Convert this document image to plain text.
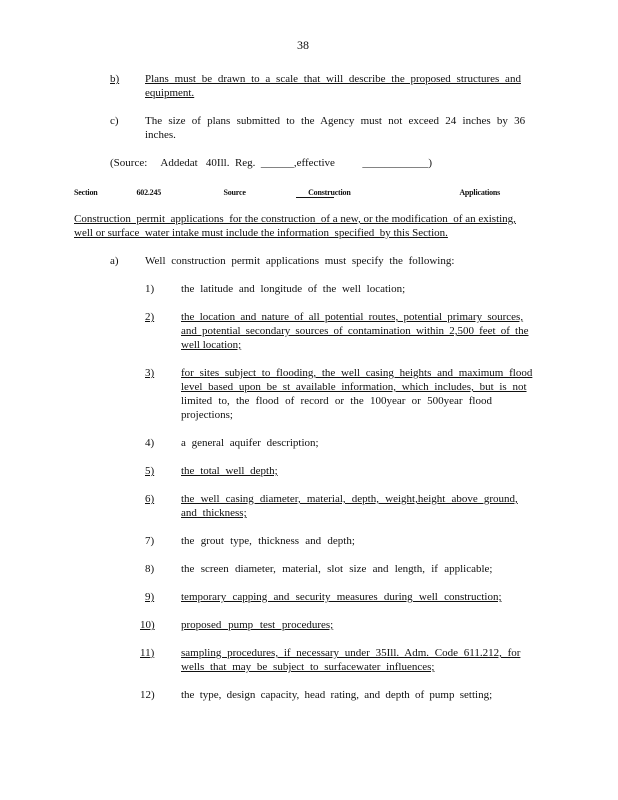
38
b) Plans must be drawn to a scale that will describe the proposed structures and
equipment.
c) The size of plans submitted to the Agency must not exceed 24 inches by 36
inches.
(Source:     Addedat   40Ill.  Reg.  ______,effective          ____________)
Section     602.245        Source        Construction              Applications
Construction  permit  applications  for the construction  of a new, or the modification  of an existing,
well or surface  water intake must include the information  specified  by this Section.
a) Well construction permit applications must specify the following:
1) the latitude and longitude of the well location;
2) the location and nature of all potential routes, potential primary sources,
and potential secondary sources of contamination within 2,500 feet of the
well location;
3) for sites subject to flooding, the well casing heights and maximum flood
level based upon be st available information, which includes, but is not
limited to, the flood of record or the 100year or 500year flood
projections;
4) a general aquifer description;
5) the total well depth;
6) the well casing diameter, material, depth, weight,height above ground,
and thickness;
7) the grout type, thickness and depth;
8) the screen diameter, material, slot size and length, if applicable;
9) temporary capping and security measures during well construction;
10) proposed pump test procedures;
11) sampling procedures, if necessary under 35Ill. Adm. Code 611.212, for
wells that may be subject to surfacewater influences;
12) the type, design capacity, head rating, and depth of pump setting;
